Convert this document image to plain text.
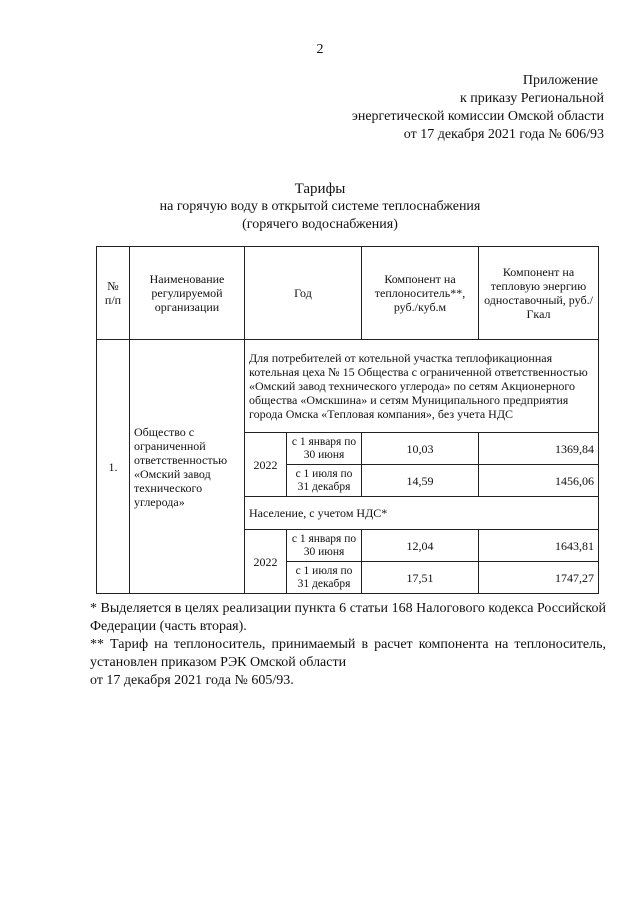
2
Приложение
к приказу Региональной
энергетической комиссии Омской области
от 17 декабря 2021 года № 606/93
Тарифы
на горячую воду в открытой системе теплоснабжения
(горячего водоснабжения)
№ п/п	Наименование регулируемой организации	Год		Компонент на теплоноситель**, руб./куб.м	Компонент на тепловую энергию одноставочный, руб./Гкал
1.	Общество с ограниченной ответственностью «Омский завод технического углерода»	Для потребителей от котельной участка теплофикационная котельная цеха № 15 Общества с ограниченной ответственностью «Омский завод технического углерода» по сетям Акционерного общества «Омскшина» и сетям Муниципального предприятия города Омска «Тепловая компания», без учета НДС			
		2022	с 1 января по 30 июня	10,03	1369,84
			с 1 июля по 31 декабря	14,59	1456,06
		Население, с учетом НДС*			
		2022	с 1 января по 30 июня	12,04	1643,81
			с 1 июля по 31 декабря	17,51	1747,27

* Выделяется в целях реализации пункта 6 статьи 168 Налогового кодекса Российской Федерации (часть вторая).

** Тариф на теплоноситель, принимаемый в расчет компонента на теплоноситель, установлен приказом РЭК Омской области

от 17 декабря 2021 года № 605/93.
